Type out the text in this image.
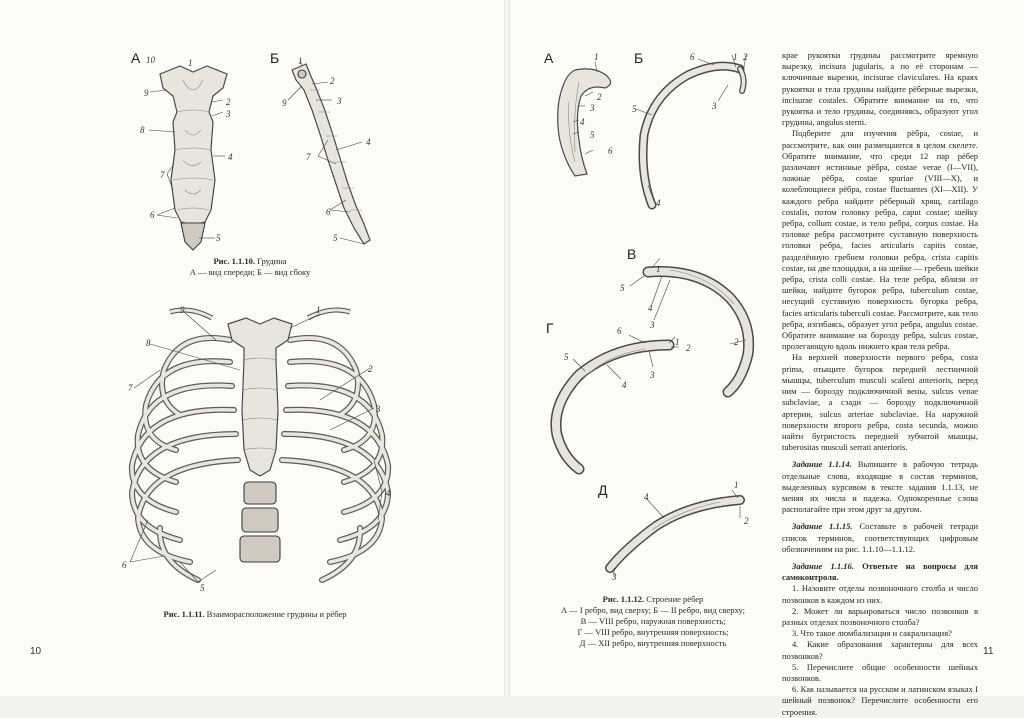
А	Б
10	1
9
2
3
8
4
7
6
5
1
2
9	3
7
4
6
5
Рис. 1.1.10. Грудина
А — вид спереди; Б — вид сбоку
9	1
8
2
7
3
4
6
5
Рис. 1.1.11. Взаиморасположение грудины и рёбер
10
А	Б
В
Г
Д
1
2
3
4
5
6
6	1 2
3
5
4
1
5
4
3
2
6
1
2
5
4
3
1
4
2
3
Рис. 1.1.12. Строение рёбер
А — I ребро, вид сверху; Б — II ребро, вид сверху;
В — VIII ребро, наружная поверхность;
Г — VIII ребро, внутренняя поверхность;
Д — XII ребро, внутренняя поверхность

крае рукоятки грудины рассмотрите яремную вырезку, incisura jugularis, а по её сторонам — ключичные вырезки, incisurae claviculares. На краях рукоятки и тела грудины найдите рёберные вырезки, incisurae costales. Обратите внимание на то, что рукоятка и тело грудины, соединяясь, образуют угол грудины, angulus sterni.

Подберите для изучения рёбра, costae, и рассмотрите, как они размещаются в целом скелете. Обратите внимание, что среди 12 пар рёбер различают истинные рёбра, costae verae (I—VII), ложные рёбра, costae spuriae (VIII—X), и колеблющиеся рёбра, costae fluctuantes (XI—XII). У каждого ребра найдите рёберный хрящ, cartilago costalis, потом головку ребра, caput costae; шейку ребра, collum costae, и тело ребра, corpus costae. На головке ребра рассмотрите суставную поверхность головки ребра, facies articularis capitis costae, разделённую гребнем головки ребра, crista capitis costae, на две площадки, а на шейке — гребень шейки ребра, crista colli costae. На теле ребра, вблизи от шейки, найдите бугорок ребра, tuberculum costae, несущий суставную поверхность бугорка ребра, facies articularis tuberculi costae. Рассмотрите, как тело ребра, изгибаясь, образует угол ребра, angulus costae. Обратите внимание на борозду ребра, sulcus costae, пролегающую вдоль нижнего края тела ребра.

На верхней поверхности первого ребра, costa prima, отыщите бугорок передней лестничной мышцы, tuberculum musculi scaleni anterioris, перед ним — борозду подключичной вены, sulcus venae subclaviae, а сзади — борозду подключичной артерии, sulcus arteriae subclaviae. На наружной поверхности второго ребра, costa secunda, можно найти бугристость передней зубчатой мышцы, tuberositas musculi serrati anterioris.

Задание 1.1.14. Выпишите в рабочую тетрадь отдельные слова, входящие в состав терминов, выделенных курсивом в тексте задания 1.1.13, не меняя их числа и падежа. Однокоренные слова располагайте при этом друг за другом.

Задание 1.1.15. Составьте в рабочей тетради список терминов, соответствующих цифровым обозначениям на рис. 1.1.10—1.1.12.

Задание 1.1.16. Ответьте на вопросы для самоконтроля.

1. Назовите отделы позвоночного столба и число позвонков в каждом из них.

2. Может ли варьироваться число позвонков в разных отделах позвоночного столба?

3. Что такое люмбализация и сакрализация?

4. Какие образования характерны для всех позвонков?

5. Перечислите общие особенности шейных позвонков.

6. Как называется на русском и латинском языках I шейный позвонок? Перечислите особенности его строения.

11
